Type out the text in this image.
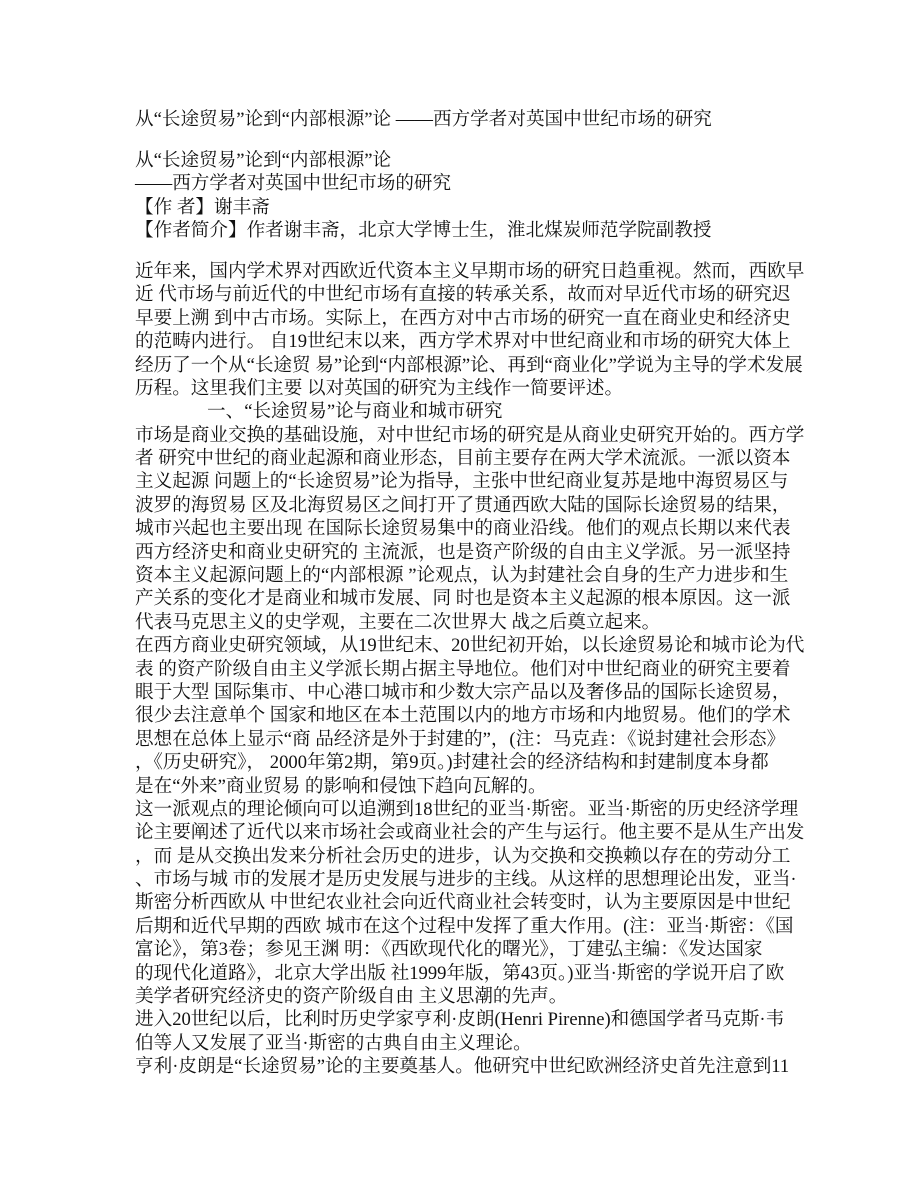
从“长途贸易”论到“内部根源”论 ——西方学者对英国中世纪市场的研究
从“长途贸易”论到“内部根源”论
——西方学者对英国中世纪市场的研究
【作 者】谢丰斋
【作者简介】作者谢丰斋，北京大学博士生，淮北煤炭师范学院副教授
近年来，国内学术界对西欧近代资本主义早期市场的研究日趋重视。然而，西欧早
近 代市场与前近代的中世纪市场有直接的转承关系，故而对早近代市场的研究迟
早要上溯 到中古市场。实际上，在西方对中古市场的研究一直在商业史和经济史
的范畴内进行。 自19世纪末以来，西方学术界对中世纪商业和市场的研究大体上
经历了一个从“长途贸 易”论到“内部根源”论、再到“商业化”学说为主导的学术发展
历程。这里我们主要 以对英国的研究为主线作一简要评述。
一、“长途贸易”论与商业和城市研究
市场是商业交换的基础设施，对中世纪市场的研究是从商业史研究开始的。西方学
者 研究中世纪的商业起源和商业形态，目前主要存在两大学术流派。一派以资本
主义起源 问题上的“长途贸易”论为指导，主张中世纪商业复苏是地中海贸易区与
波罗的海贸易 区及北海贸易区之间打开了贯通西欧大陆的国际长途贸易的结果，
城市兴起也主要出现 在国际长途贸易集中的商业沿线。他们的观点长期以来代表
西方经济史和商业史研究的 主流派，也是资产阶级的自由主义学派。另一派坚持
资本主义起源问题上的“内部根源 ”论观点，认为封建社会自身的生产力进步和生
产关系的变化才是商业和城市发展、同 时也是资本主义起源的根本原因。这一派
代表马克思主义的史学观，主要在二次世界大 战之后奠立起来。
在西方商业史研究领域，从19世纪末、20世纪初开始，以长途贸易论和城市论为代
表 的资产阶级自由主义学派长期占据主导地位。他们对中世纪商业的研究主要着
眼于大型 国际集市、中心港口城市和少数大宗产品以及奢侈品的国际长途贸易，
很少去注意单个 国家和地区在本土范围以内的地方市场和内地贸易。他们的学术
思想在总体上显示“商 品经济是外于封建的”，(注：马克垚：《说封建社会形态》
，《历史研究》， 2000年第2期，第9页。)封建社会的经济结构和封建制度本身都
是在“外来”商业贸易 的影响和侵蚀下趋向瓦解的。
这一派观点的理论倾向可以追溯到18世纪的亚当·斯密。亚当·斯密的历史经济学理
论主要阐述了近代以来市场社会或商业社会的产生与运行。他主要不是从生产出发
，而 是从交换出发来分析社会历史的进步，认为交换和交换赖以存在的劳动分工
、市场与城 市的发展才是历史发展与进步的主线。从这样的思想理论出发，亚当·
斯密分析西欧从 中世纪农业社会向近代商业社会转变时，认为主要原因是中世纪
后期和近代早期的西欧 城市在这个过程中发挥了重大作用。(注：亚当·斯密：《国
富论》，第3卷；参见王渊 明：《西欧现代化的曙光》，丁建弘主编：《发达国家
的现代化道路》，北京大学出版 社1999年版，第43页。)亚当·斯密的学说开启了欧
美学者研究经济史的资产阶级自由 主义思潮的先声。
进入20世纪以后，比利时历史学家亨利·皮朗(Henri Pirenne)和德国学者马克斯·韦
伯等人又发展了亚当·斯密的古典自由主义理论。
亨利·皮朗是“长途贸易”论的主要奠基人。他研究中世纪欧洲经济史首先注意到11
